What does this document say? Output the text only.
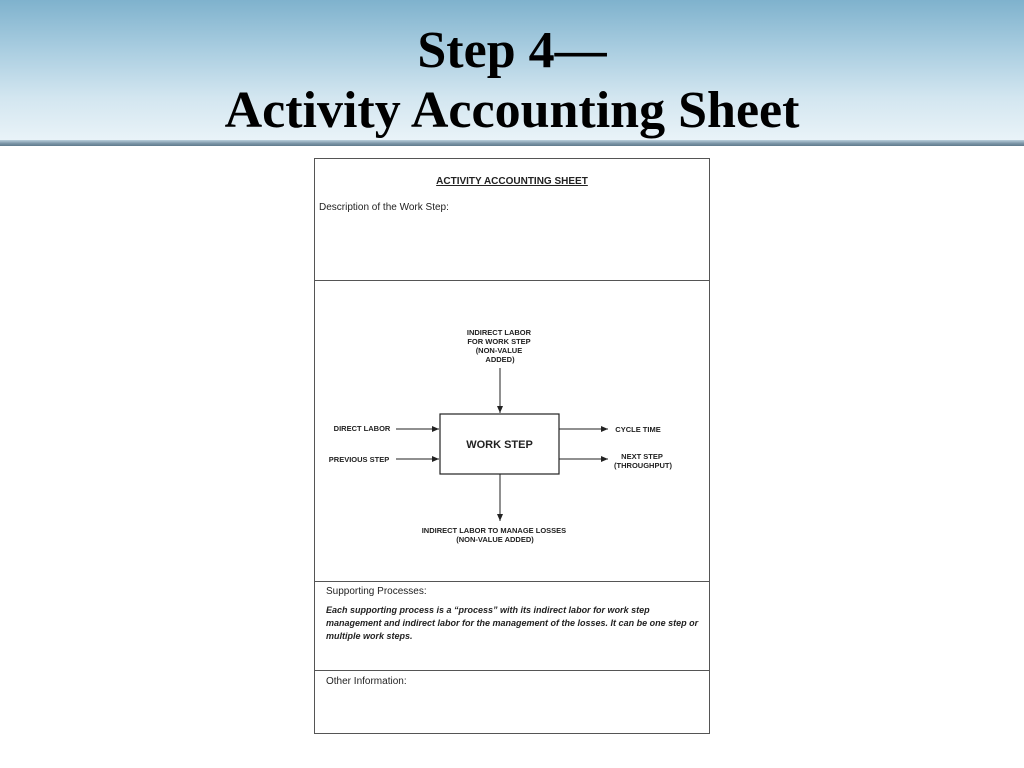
Step 4—
Activity Accounting Sheet
ACTIVITY ACCOUNTING SHEET
Description of the Work Step:
WORK STEP
INDIRECT LABOR FOR WORK STEP (NON-VALUE ADDED)
DIRECT LABOR
PREVIOUS STEP
CYCLE TIME
NEXT STEP (THROUGHPUT)
INDIRECT LABOR TO MANAGE LOSSES (NON-VALUE ADDED)
Supporting Processes:
Each supporting process is a “process” with its indirect labor for work step management and indirect labor for the management of the losses. It can be one step or multiple work steps.
Other Information:
